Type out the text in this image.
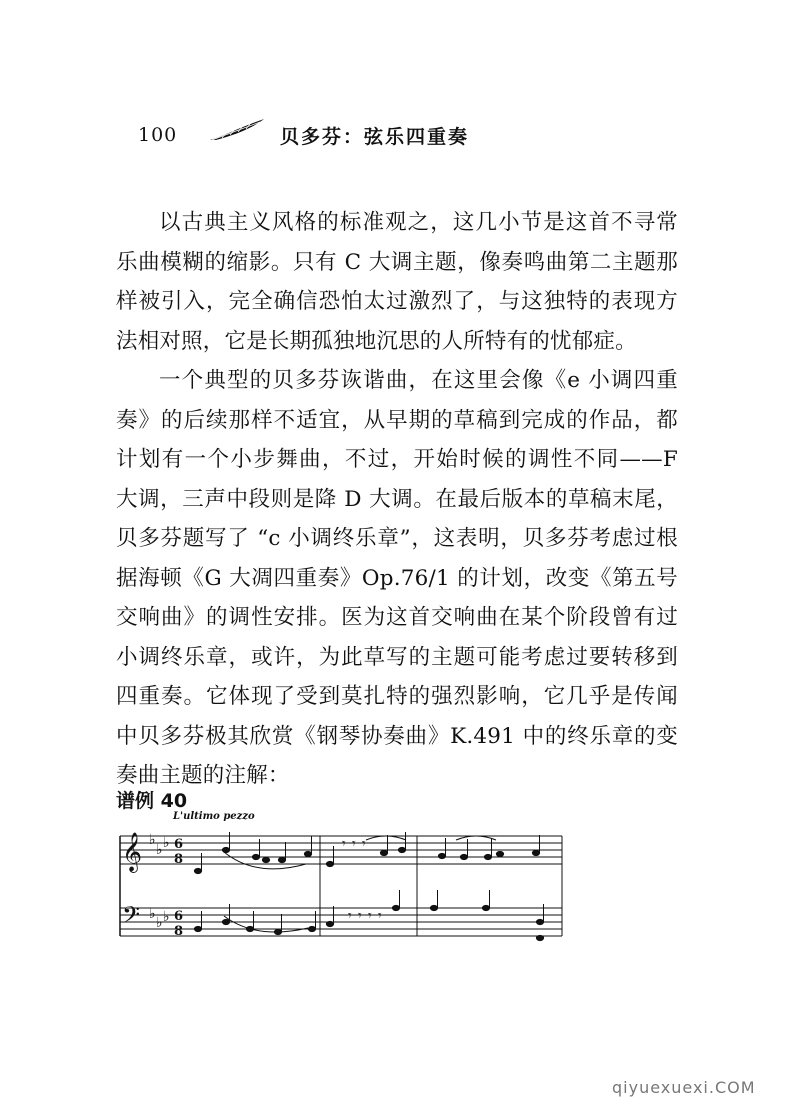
100	贝多芬：弦乐四重奏

以古典主义风格的标准观之，这几小节是这首不寻常乐曲模糊的缩影。只有 C 大调主题，像奏鸣曲第二主题那样被引入，完全确信恐怕太过激烈了，与这独特的表现方法相对照，它是长期孤独地沉思的人所特有的忧郁症。

一个典型的贝多芬诙谐曲，在这里会像《e 小调四重奏》的后续那样不适宜，从早期的草稿到完成的作品，都计划有一个小步舞曲，不过，开始时候的调性不同——F 大调，三声中段则是降 D 大调。在最后版本的草稿末尾，贝多芬题写了 “c 小调终乐章”，这表明，贝多芬考虑过根据海顿《G 大凋四重奏》Op.76/1 的计划，改变《第五号交响曲》的调性安排。医为这首交响曲在某个阶段曾有过小调终乐章，或许，为此草写的主题可能考虑过要转移到四重奏。它体现了受到莫扎特的强烈影响，它几乎是传闻中贝多芬极其欣赏《钢琴协奏曲》K.491 中的终乐章的变奏曲主题的注解：

谱例 40
L'ultimo pezzo
𝄞
𝄢
♭
♭ ♭
♭
♭ ♭
6
8
6
8
𝄾 𝄾 𝄾
𝄾 𝄾 𝄾 𝄾
qiyuexuexi.COM
